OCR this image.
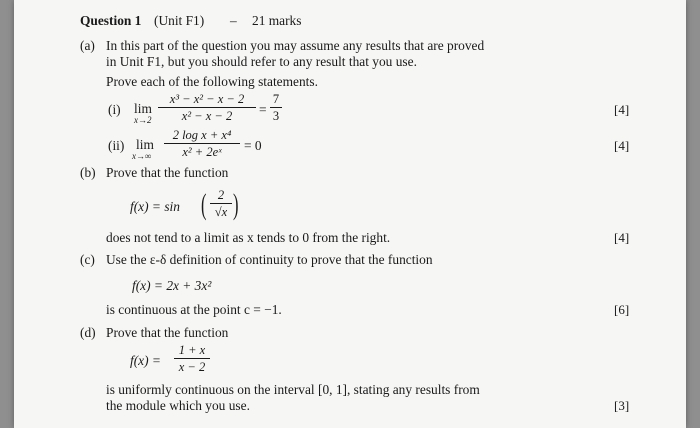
Question 1 (Unit F1) – 21 marks
(a) In this part of the question you may assume any results that are proved
in Unit F1, but you should refer to any result that you use.
Prove each of the following statements.
(i) lim
x→2
x³ − x² − x − 2
x² − x − 2	=
7
3	[4]
(ii) lim
x→∞
2 log x + x⁴
x² + 2eˣ	= 0	[4]
(b) Prove that the function
f(x) = sin ( 2
√x )
does not tend to a limit as x tends to 0 from the right.	[4]
(c) Use the ε-δ definition of continuity to prove that the function
f(x) = 2x + 3x²
is continuous at the point c = −1.	[6]
(d) Prove that the function
f(x) =
1 + x
x − 2
is uniformly continuous on the interval [0, 1], stating any results from
the module which you use.	[3]
